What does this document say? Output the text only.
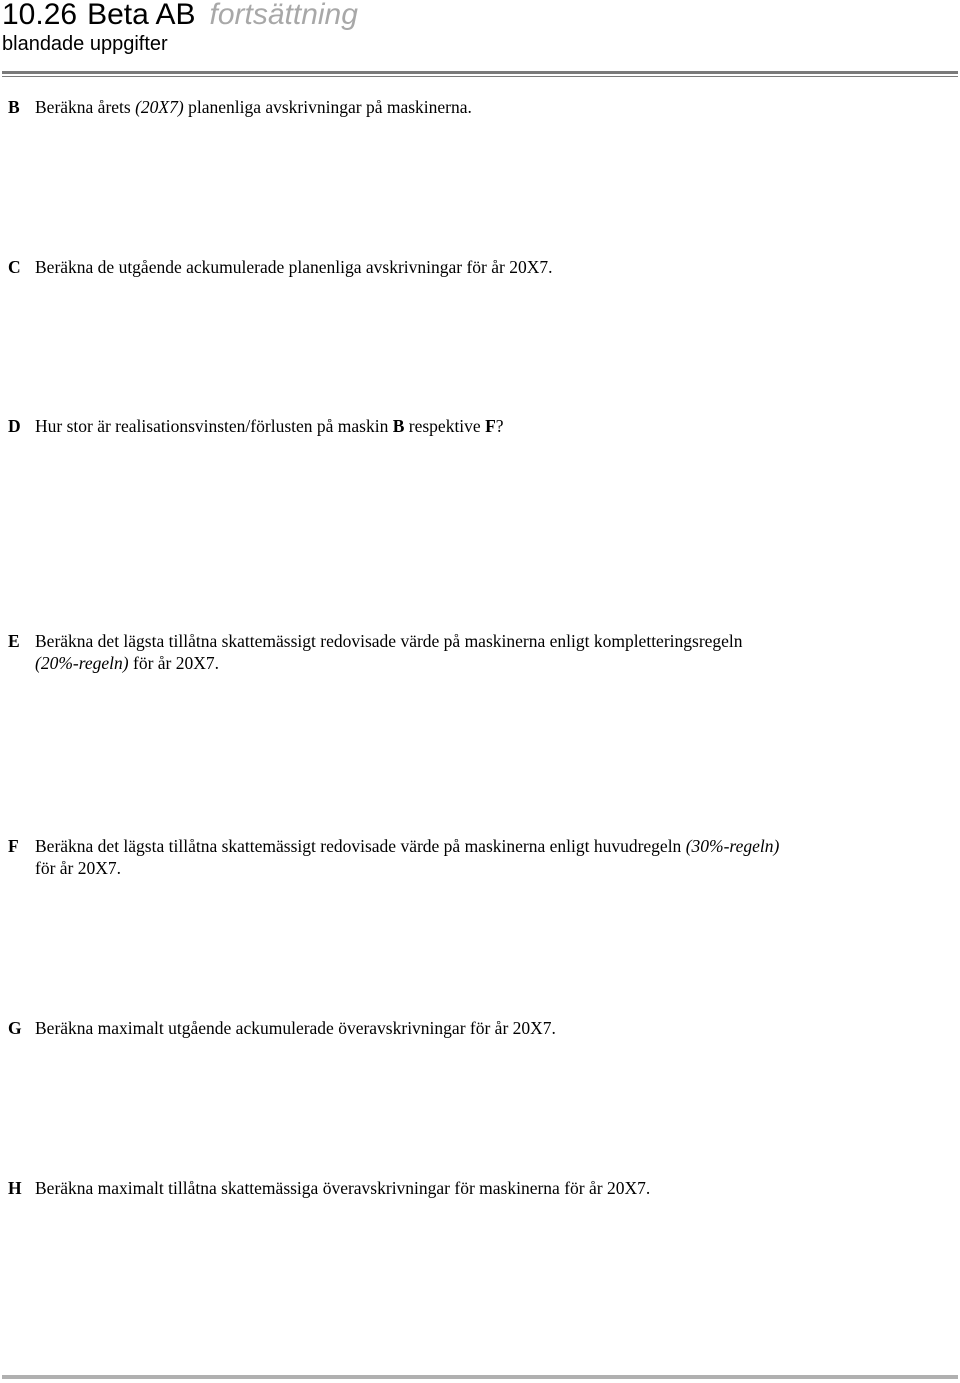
10.26 Beta AB fortsättning
blandade uppgifter
B Beräkna årets (20X7) planenliga avskrivningar på maskinerna.
C Beräkna de utgående ackumulerade planenliga avskrivningar för år 20X7.
D Hur stor är realisationsvinsten/förlusten på maskin B respektive F?
E Beräkna det lägsta tillåtna skattemässigt redovisade värde på maskinerna enligt kompletteringsregeln
(20%-regeln) för år 20X7.
F Beräkna det lägsta tillåtna skattemässigt redovisade värde på maskinerna enligt huvudregeln (30%-regeln)
för år 20X7.
G Beräkna maximalt utgående ackumulerade överavskrivningar för år 20X7.
H Beräkna maximalt tillåtna skattemässiga överavskrivningar för maskinerna för år 20X7.
